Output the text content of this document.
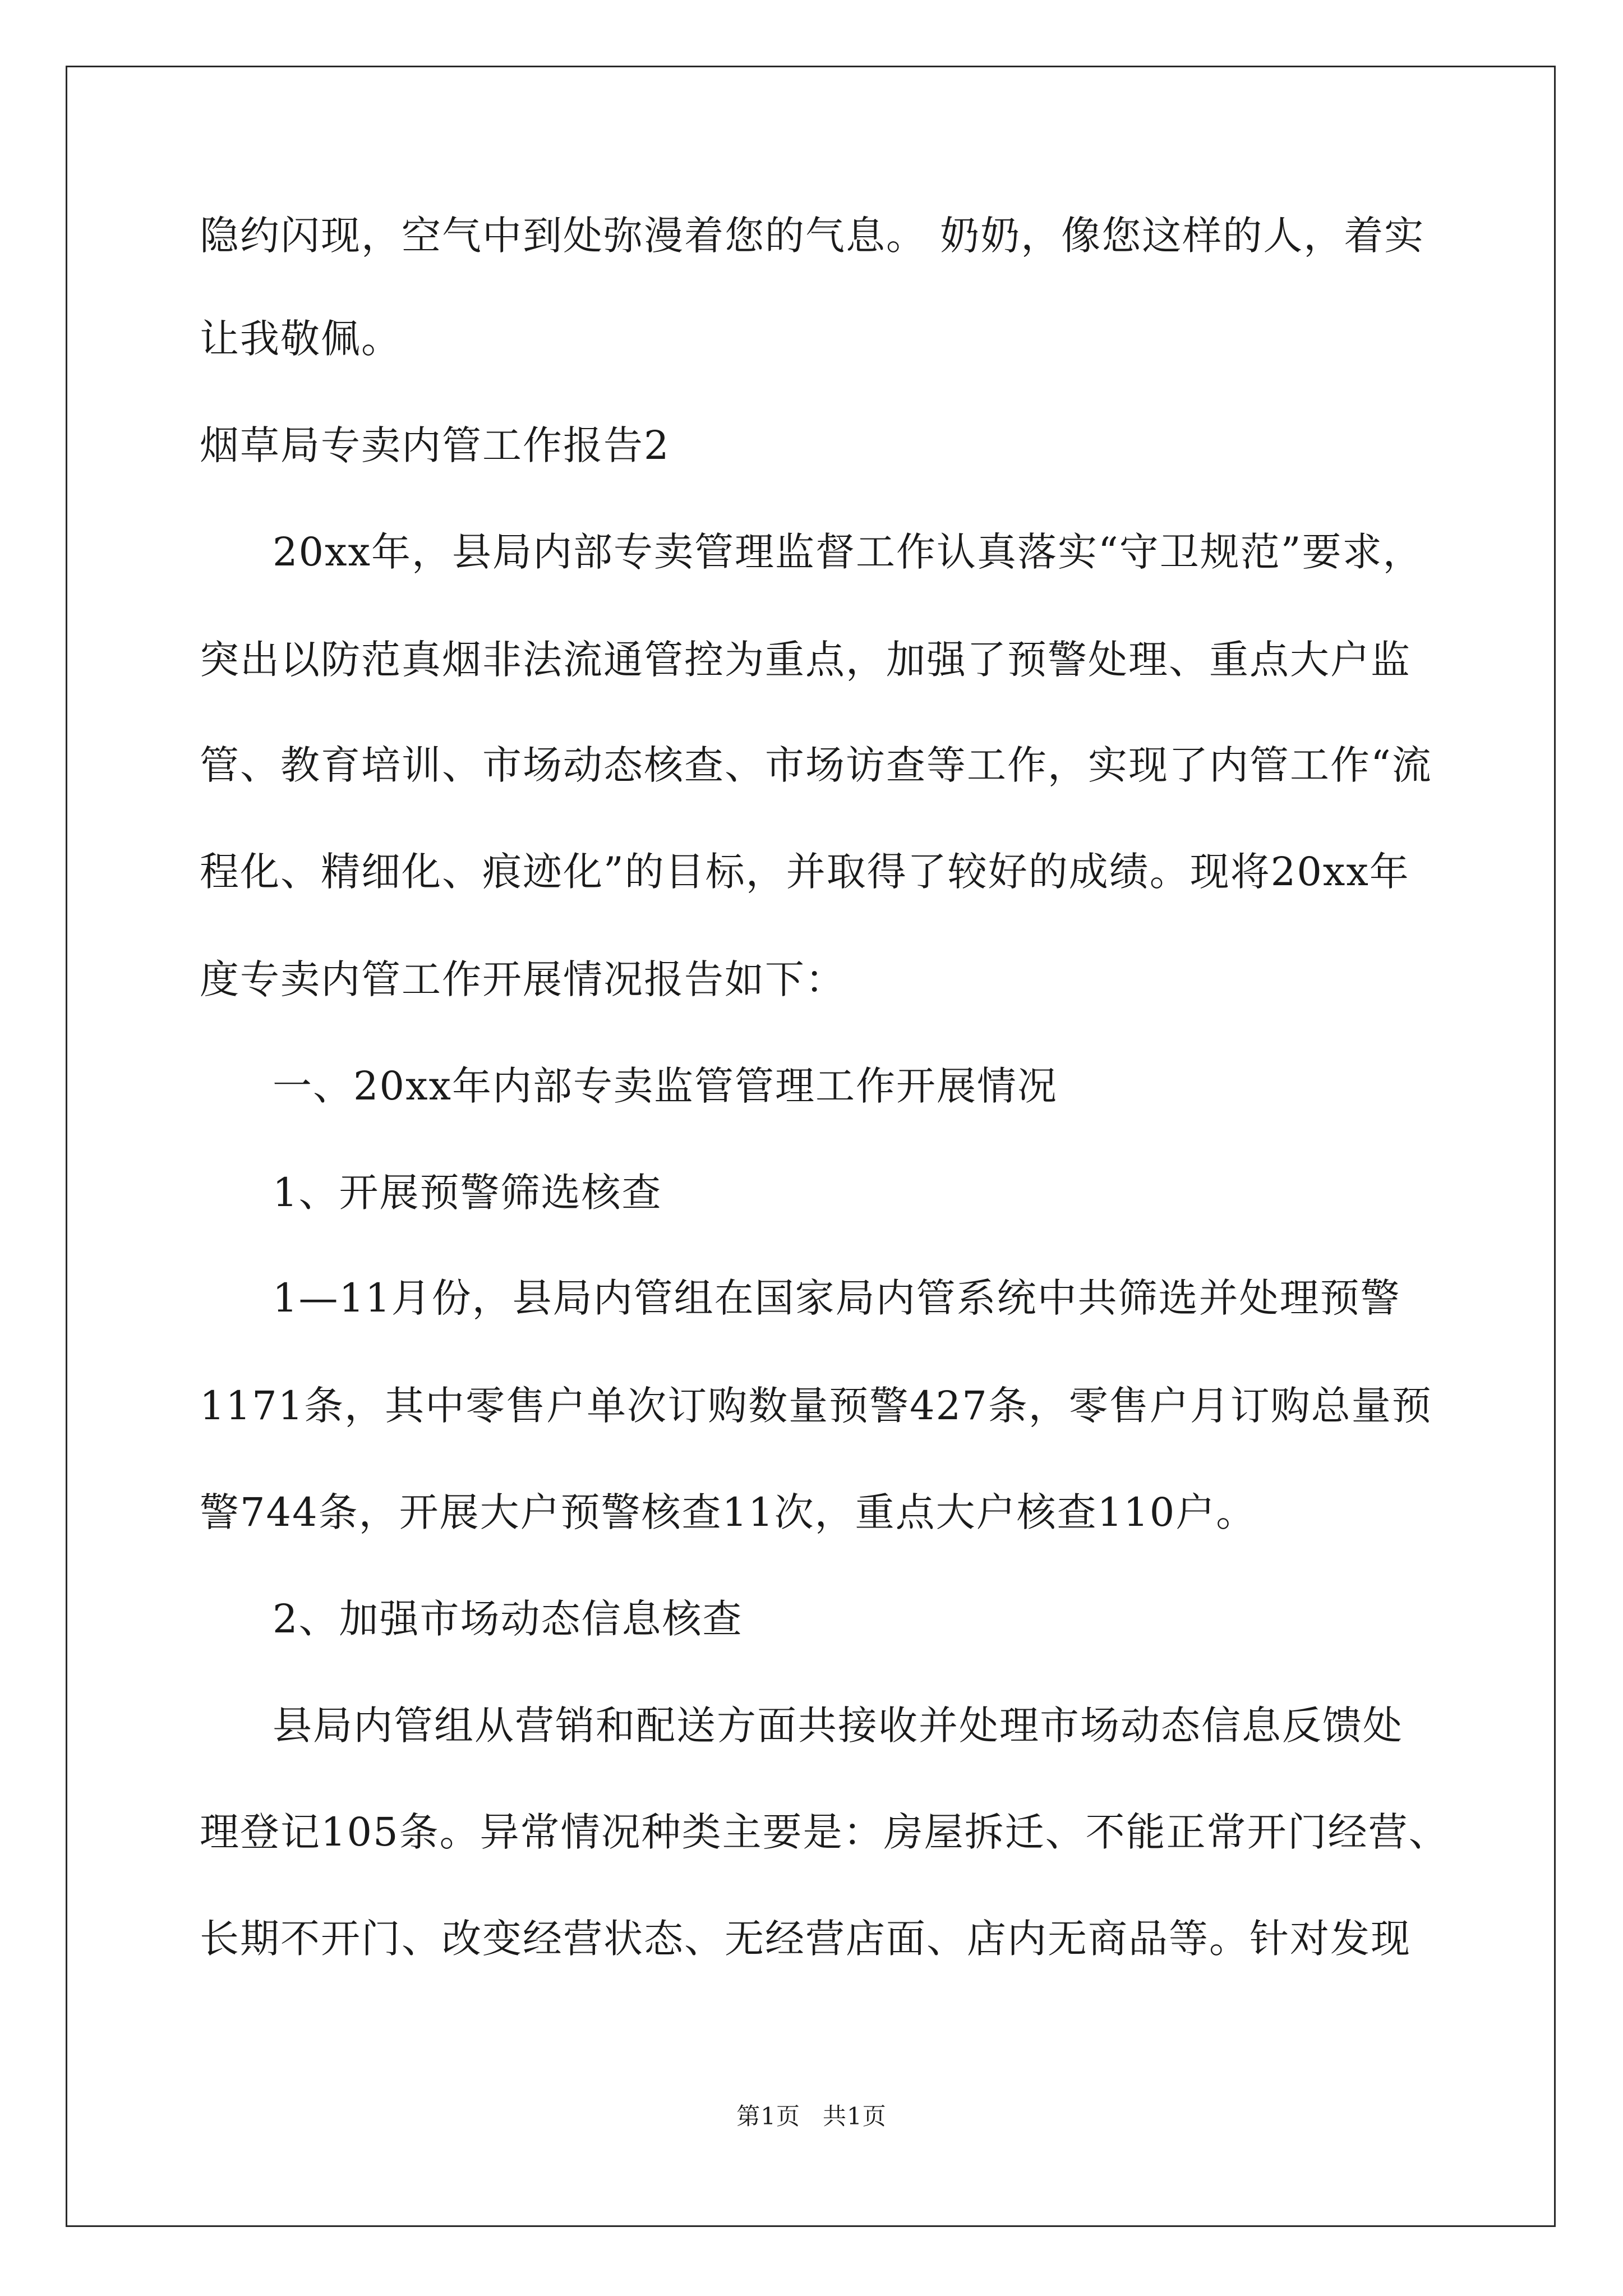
隐约闪现，空气中到处弥漫着您的气息。 奶奶，像您这样的人，着实
让我敬佩。
烟草局专卖内管工作报告2
20xx年，县局内部专卖管理监督工作认真落实“守卫规范”要求，
突出以防范真烟非法流通管控为重点，加强了预警处理、重点大户监
管、教育培训、市场动态核查、市场访查等工作，实现了内管工作“流
程化、精细化、痕迹化”的目标，并取得了较好的成绩。现将20xx年
度专卖内管工作开展情况报告如下：
一、20xx年内部专卖监管管理工作开展情况
1、开展预警筛选核查
1—11月份，县局内管组在国家局内管系统中共筛选并处理预警
1171条，其中零售户单次订购数量预警427条，零售户月订购总量预
警744条，开展大户预警核查11次，重点大户核查110户。
2、加强市场动态信息核查
县局内管组从营销和配送方面共接收并处理市场动态信息反馈处
理登记105条。异常情况种类主要是：房屋拆迁、不能正常开门经营、
长期不开门、改变经营状态、无经营店面、店内无商品等。针对发现
第1页 共1页
